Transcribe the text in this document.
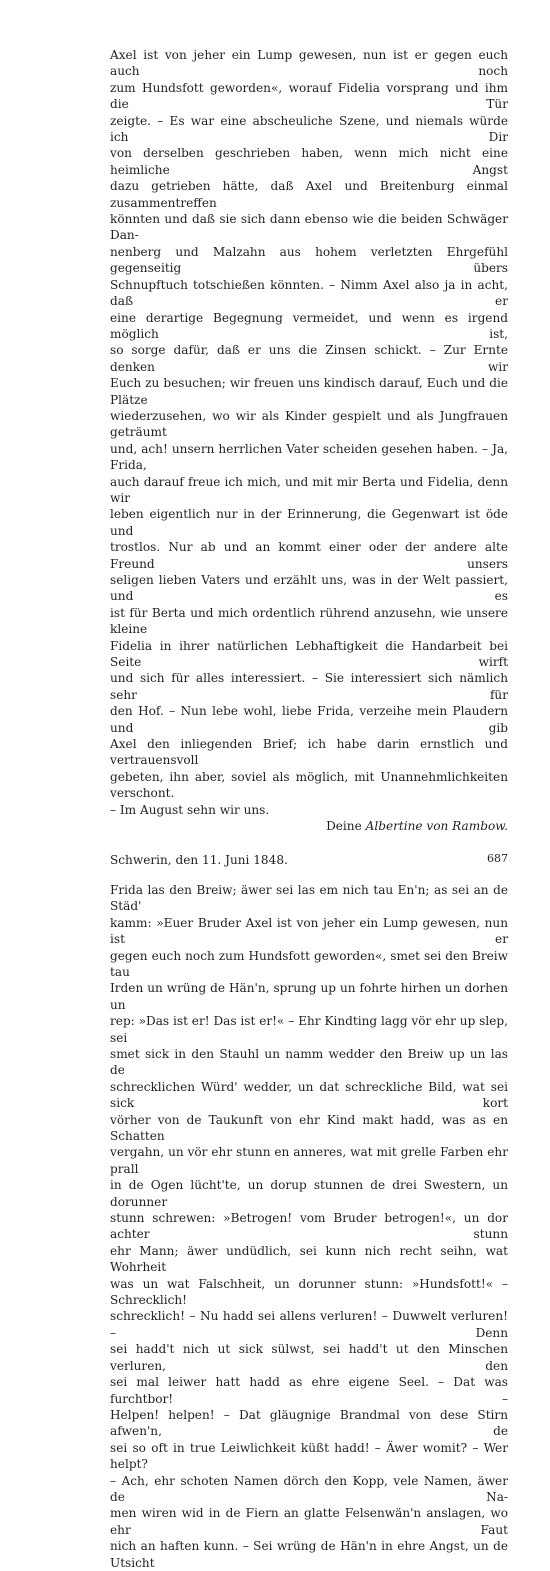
Axel ist von jeher ein Lump gewesen, nun ist er gegen euch auch noch
zum Hundsfott geworden«, worauf Fidelia vorsprang und ihm die Tür
zeigte. – Es war eine abscheuliche Szene, und niemals würde ich Dir
von derselben geschrieben haben, wenn mich nicht eine heimliche Angst
dazu getrieben hätte, daß Axel und Breitenburg einmal zusammentreffen
könnten und daß sie sich dann ebenso wie die beiden Schwäger Dan-
nenberg und Malzahn aus hohem verletzten Ehrgefühl gegenseitig übers
Schnupftuch totschießen könnten. – Nimm Axel also ja in acht, daß er
eine derartige Begegnung vermeidet, und wenn es irgend möglich ist,
so sorge dafür, daß er uns die Zinsen schickt. – Zur Ernte denken wir
Euch zu besuchen; wir freuen uns kindisch darauf, Euch und die Plätze
wiederzusehen, wo wir als Kinder gespielt und als Jungfrauen geträumt
und, ach! unsern herrlichen Vater scheiden gesehen haben. – Ja, Frida,
auch darauf freue ich mich, und mit mir Berta und Fidelia, denn wir
leben eigentlich nur in der Erinnerung, die Gegenwart ist öde und
trostlos. Nur ab und an kommt einer oder der andere alte Freund unsers
seligen lieben Vaters und erzählt uns, was in der Welt passiert, und es
ist für Berta und mich ordentlich rührend anzusehn, wie unsere kleine
Fidelia in ihrer natürlichen Lebhaftigkeit die Handarbeit bei Seite wirft
und sich für alles interessiert. – Sie interessiert sich nämlich sehr für
den Hof. – Nun lebe wohl, liebe Frida, verzeihe mein Plaudern und gib
Axel den inliegenden Brief; ich habe darin ernstlich und vertrauensvoll
gebeten, ihn aber, soviel als möglich, mit Unannehmlichkeiten verschont.
– Im August sehn wir uns.
Deine Albertine von Rambow.
Schwerin, den 11. Juni 1848.
Frida las den Breiw; äwer sei las em nich tau En'n; as sei an de Städ'
kamm: »Euer Bruder Axel ist von jeher ein Lump gewesen, nun ist er
gegen euch noch zum Hundsfott geworden«, smet sei den Breiw tau
Irden un wrüng de Hän'n, sprung up un fohrte hirhen un dorhen un
rep: »Das ist er! Das ist er!« – Ehr Kindting lagg vör ehr up slep, sei
smet sick in den Stauhl un namm wedder den Breiw up un las de
schrecklichen Würd' wedder, un dat schreckliche Bild, wat sei sick kort
vörher von de Taukunft von ehr Kind makt hadd, was as en Schatten
vergahn, un vör ehr stunn en anneres, wat mit grelle Farben ehr prall
in de Ogen lücht'te, un dorup stunnen de drei Swestern, un dorunner
stunn schrewen: »Betrogen! vom Bruder betrogen!«, un dor achter stunn
ehr Mann; äwer undüdlich, sei kunn nich recht seihn, wat Wohrheit
was un wat Falschheit, un dorunner stunn: »Hundsfott!« – Schrecklich!
schrecklich! – Nu hadd sei allens verluren! – Duwwelt verluren! – Denn
sei hadd't nich ut sick sülwst, sei hadd't ut den Minschen verluren, den
sei mal leiwer hatt hadd as ehre eigene Seel. – Dat was furchtbor! –
Helpen! helpen! – Dat gläugnige Brandmal von dese Stirn afwen'n, de
sei so oft in true Leiwlichkeit küßt hadd! – Äwer womit? – Wer helpt?
– Ach, ehr schoten Namen dörch den Kopp, vele Namen, äwer de Na-
men wiren wid in de Fiern an glatte Felsenwän'n anslagen, wo ehr Faut
nich an haften kunn. – Sei wrüng de Hän'n in ehre Angst, un de Utsicht
687
